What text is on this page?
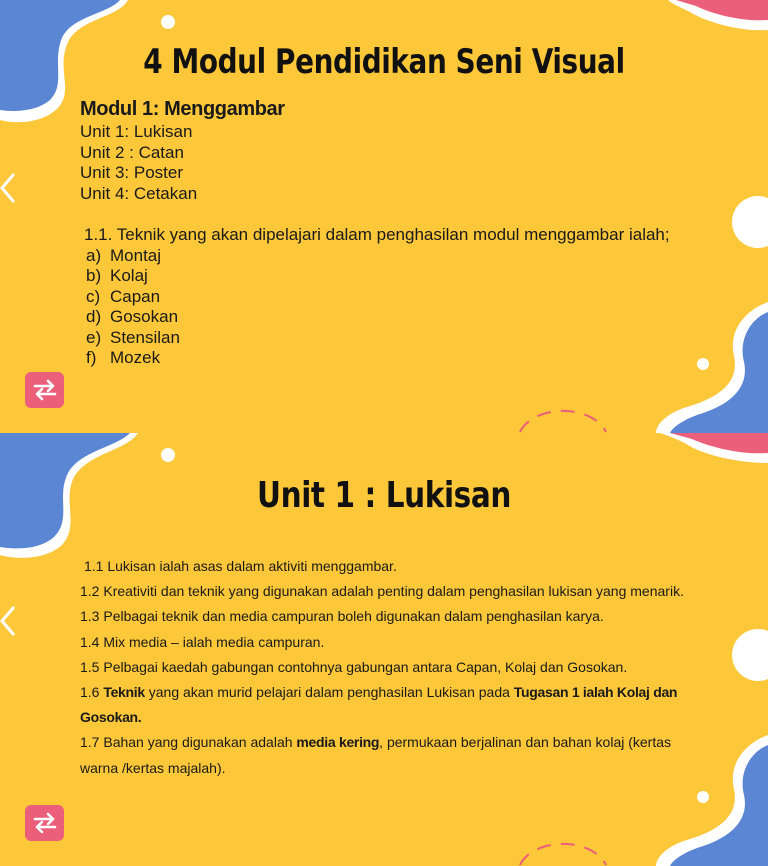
4 Modul Pendidikan Seni Visual
Modul 1: Menggambar
Unit 1: Lukisan
Unit 2 : Catan
Unit 3: Poster
Unit 4: Cetakan
1.1. Teknik yang akan dipelajari dalam penghasilan modul menggambar ialah;
a) Montaj
b) Kolaj
c) Capan
d) Gosokan
e) Stensilan
f) Mozek
Unit 1 : Lukisan

1.1 Lukisan ialah asas dalam aktiviti menggambar.

1.2 Kreativiti dan teknik yang digunakan adalah penting dalam penghasilan lukisan yang menarik.

1.3 Pelbagai teknik dan media campuran boleh digunakan dalam penghasilan karya.

1.4 Mix media – ialah media campuran.

1.5 Pelbagai kaedah gabungan contohnya gabungan antara Capan, Kolaj dan Gosokan.

1.6 Teknik yang akan murid pelajari dalam penghasilan Lukisan pada Tugasan 1 ialah Kolaj dan Gosokan.

1.7 Bahan yang digunakan adalah media kering, permukaan berjalinan dan bahan kolaj (kertas warna /kertas majalah).
